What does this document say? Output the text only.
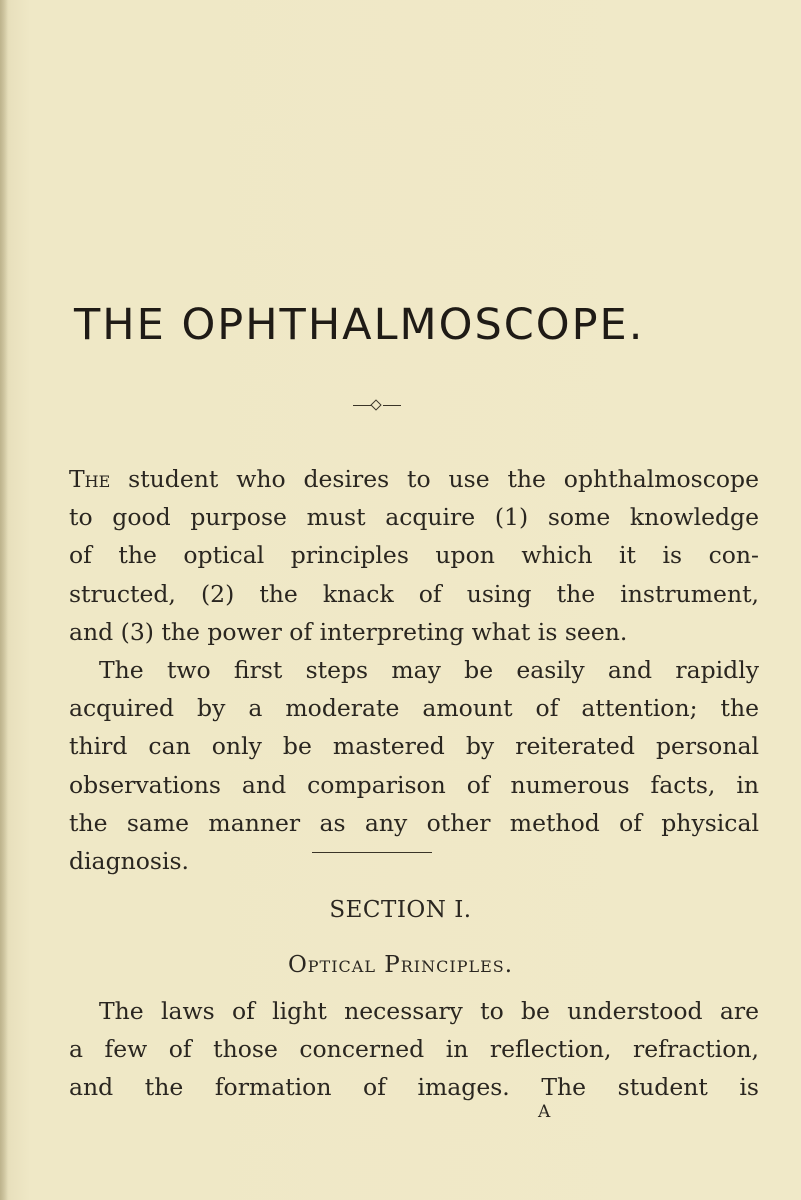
THE OPHTHALMOSCOPE.
The student who desires to use the ophthalmoscope
to good purpose must acquire (1) some knowledge
of the optical principles upon which it is con-
structed, (2) the knack of using the instrument,
and (3) the power of interpreting what is seen.
The two first steps may be easily and rapidly
acquired by a moderate amount of attention; the
third can only be mastered by reiterated personal
observations and comparison of numerous facts, in
the same manner as any other method of physical
diagnosis.
SECTION I.
Optical Principles.
The laws of light necessary to be understood are
a few of those concerned in reflection, refraction,
and the formation of images. The student is
A
